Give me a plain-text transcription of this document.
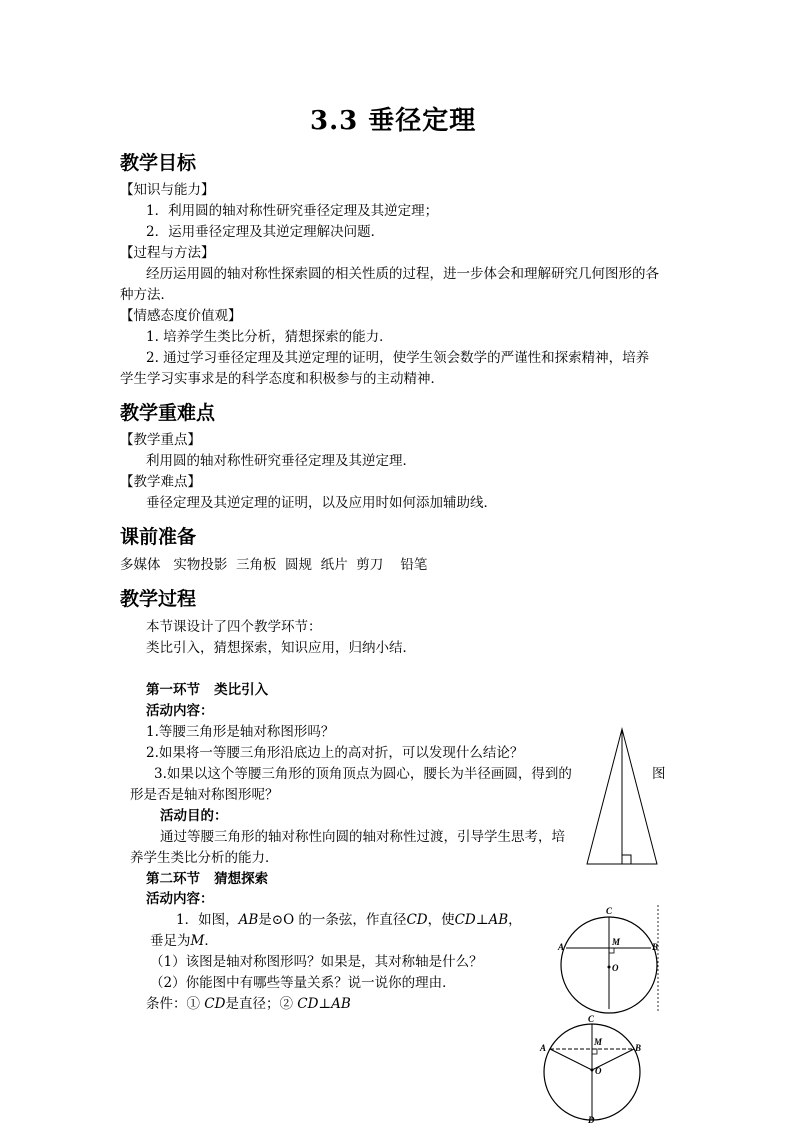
3.3 垂径定理
教学目标
【知识与能力】
1．利用圆的轴对称性研究垂径定理及其逆定理；
2．运用垂径定理及其逆定理解决问题．
【过程与方法】
经历运用圆的轴对称性探索圆的相关性质的过程，进一步体会和理解研究几何图形的各
种方法．
【情感态度价值观】
1. 培养学生类比分析，猜想探索的能力．
2. 通过学习垂径定理及其逆定理的证明，使学生领会数学的严谨性和探索精神，培养
学生学习实事求是的科学态度和积极参与的主动精神．
教学重难点
【教学重点】
利用圆的轴对称性研究垂径定理及其逆定理．
【教学难点】
垂径定理及其逆定理的证明，以及应用时如何添加辅助线．
课前准备
多媒体   实物投影  三角板  圆规  纸片  剪刀    铅笔
教学过程
本节课设计了四个教学环节：
类比引入，猜想探索，知识应用，归纳小结．
第一环节   类比引入
活动内容：
1.等腰三角形是轴对称图形吗？
2.如果将一等腰三角形沿底边上的高对折，可以发现什么结论？
3.如果以这个等腰三角形的顶角顶点为圆心，腰长为半径画圆，得到的	图
形是否是轴对称图形呢？
活动目的：
通过等腰三角形的轴对称性向圆的轴对称性过渡，引导学生思考，培
养学生类比分析的能力．
第二环节   猜想探索
活动内容：
1．如图，AB是⊙O 的一条弦，作直径CD，使CD⊥AB，
垂足为M．
（1）该图是轴对称图形吗？如果是，其对称轴是什么？
（2）你能图中有哪些等量关系？说一说你的理由．
条件：① CD是直径；② CD⊥AB
C
A	M	B
O
C
A
M
B
O
D
